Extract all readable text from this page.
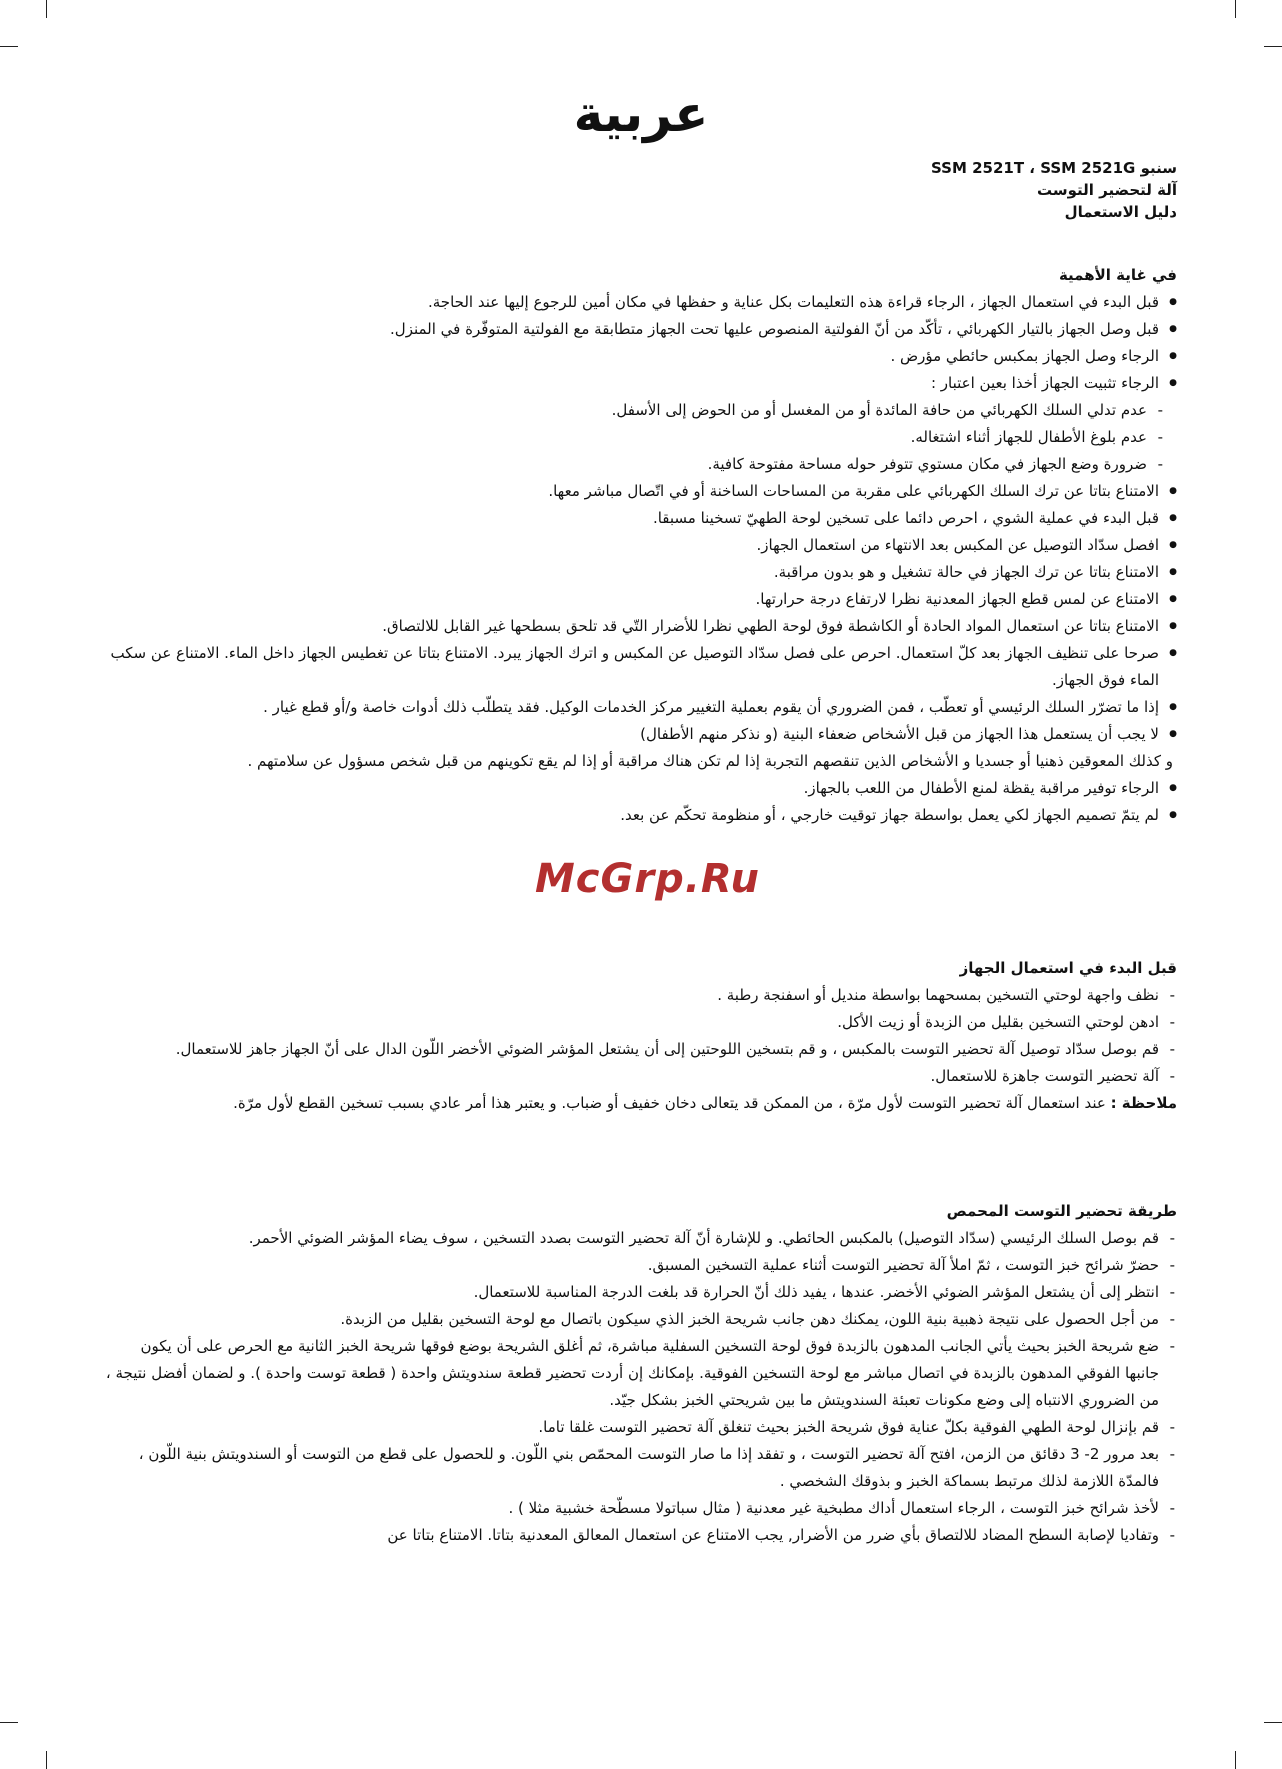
عربية
سنبو SSM 2521T ، SSM 2521G
آلة لتحضير التوست
دليل الاستعمال
في غاية الأهمية
● قبل البدء في استعمال الجهاز ، الرجاء قراءة هذه التعليمات بكل عناية و حفظها في مكان أمين للرجوع إليها عند الحاجة.
● قبل وصل الجهاز بالتيار الكهربائي ، تأكّد من أنّ الفولتية المنصوص عليها تحت الجهاز متطابقة مع الفولتية المتوفّرة في المنزل.
● الرجاء وصل الجهاز بمكبس حائطي مؤرض .
● الرجاء تثبيت الجهاز أخذا بعين اعتبار :
- عدم تدلي السلك الكهربائي من حافة المائدة أو من المغسل أو من الحوض إلى الأسفل.
- عدم بلوغ الأطفال للجهاز أثناء اشتغاله.
- ضرورة وضع الجهاز في مكان مستوي تتوفر حوله مساحة مفتوحة كافية.
● الامتناع بتاتا عن ترك السلك الكهربائي على مقربة من المساحات الساخنة أو في اتّصال مباشر معها.
● قبل البدء في عملية الشوي ، احرص دائما على تسخين لوحة الطهيّ تسخينا مسبقا.
● افصل سدّاد التوصيل عن المكبس بعد الانتهاء من استعمال الجهاز.
● الامتناع بتاتا عن ترك الجهاز في حالة تشغيل و هو بدون مراقبة.
● الامتناع عن لمس قطع الجهاز المعدنية نظرا لارتفاع درجة حرارتها.
● الامتناع بتاتا عن استعمال المواد الحادة أو الكاشطة فوق لوحة الطهي نظرا للأضرار التّي قد تلحق بسطحها غير القابل للالتصاق.
● صرحا على تنظيف الجهاز بعد كلّ استعمال. احرص على فصل سدّاد التوصيل عن المكبس و اترك الجهاز يبرد. الامتناع بتاتا عن تغطيس الجهاز داخل الماء. الامتناع عن سكب الماء فوق الجهاز.
● إذا ما تضرّر السلك الرئيسي أو تعطّب ، فمن الضروري أن يقوم بعملية التغيير مركز الخدمات الوكيل. فقد يتطلّب ذلك أدوات خاصة و/أو قطع غيار .
● لا يجب أن يستعمل هذا الجهاز من قبل الأشخاص ضعفاء البنية (و نذكر منهم الأطفال)
و كذلك المعوقين ذهنيا أو جسديا و الأشخاص الذين تنقصهم التجربة إذا لم تكن هناك مراقبة أو إذا لم يقع تكوينهم من قبل شخص مسؤول عن سلامتهم .
● الرجاء توفير مراقبة يقظة لمنع الأطفال من اللعب بالجهاز.
● لم يتمّ تصميم الجهاز لكي يعمل بواسطة جهاز توقيت خارجي ، أو منظومة تحكّم عن بعد.
قبل البدء في استعمال الجهاز
- نظف واجهة لوحتي التسخين بمسحهما بواسطة منديل أو اسفنجة رطبة .
- ادهن لوحتي التسخين بقليل من الزبدة أو زيت الأكل.
- قم بوصل سدّاد توصيل آلة تحضير التوست بالمكبس ، و قم بتسخين اللوحتين إلى أن يشتعل المؤشر الضوئي الأخضر اللّون الدال على أنّ الجهاز جاهز للاستعمال.
- آلة تحضير التوست جاهزة للاستعمال.

ملاحظة : عند استعمال آلة تحضير التوست لأول مرّة ، من الممكن قد يتعالى دخان خفيف أو ضباب. و يعتبر هذا أمر عادي بسبب تسخين القطع لأول مرّة.

طريقة تحضير التوست المحمص
- قم بوصل السلك الرئيسي (سدّاد التوصيل) بالمكبس الحائطي. و للإشارة أنّ آلة تحضير التوست بصدد التسخين ، سوف يضاء المؤشر الضوئي الأحمر.
- حضرّ شرائح خبز التوست ، ثمّ املأ آلة تحضير التوست أثناء عملية التسخين المسبق.
- انتظر إلى أن يشتعل المؤشر الضوئي الأخضر. عندها ، يفيد ذلك أنّ الحرارة قد بلغت الدرجة المناسبة للاستعمال.
- من أجل الحصول على نتيجة ذهبية بنية اللون، يمكنك دهن جانب شريحة الخبز الذي سيكون باتصال مع لوحة التسخين بقليل من الزبدة.
- ضع شريحة الخبز بحيث يأتي الجانب المدهون بالزبدة فوق لوحة التسخين السفلية مباشرة، ثم أغلق الشريحة بوضع فوقها شريحة الخبز الثانية مع الحرص على أن يكون جانبها الفوقي المدهون بالزبدة في اتصال مباشر مع لوحة التسخين الفوقية. بإمكانك إن أردت تحضير قطعة سندويتش واحدة ( قطعة توست واحدة ). و لضمان أفضل نتيجة ، من الضروري الانتباه إلى وضع مكونات تعبئة السندويتش ما بين شريحتي الخبز بشكل جيّد.
- قم بإنزال لوحة الطهي الفوقية بكلّ عناية فوق شريحة الخبز بحيث تنغلق آلة تحضير التوست غلقا تاما.
- بعد مرور 2- 3 دقائق من الزمن، افتح آلة تحضير التوست ، و تفقد إذا ما صار التوست المحمّص بني اللّون. و للحصول على قطع من التوست أو السندويتش بنية اللّون ، فالمدّة اللازمة لذلك مرتبط بسماكة الخبز و بذوقك الشخصي .
- لأخذ شرائح خبز التوست ، الرجاء استعمال أداك مطبخية غير معدنية ( مثال سباتولا مسطّحة خشبية مثلا ) .
- وتفاديا لإصابة السطح المضاد للالتصاق بأي ضرر من الأضرار, يجب الامتناع عن استعمال المعالق المعدنية بتاتا. الامتناع بتاتا عن
McGrp.Ru
